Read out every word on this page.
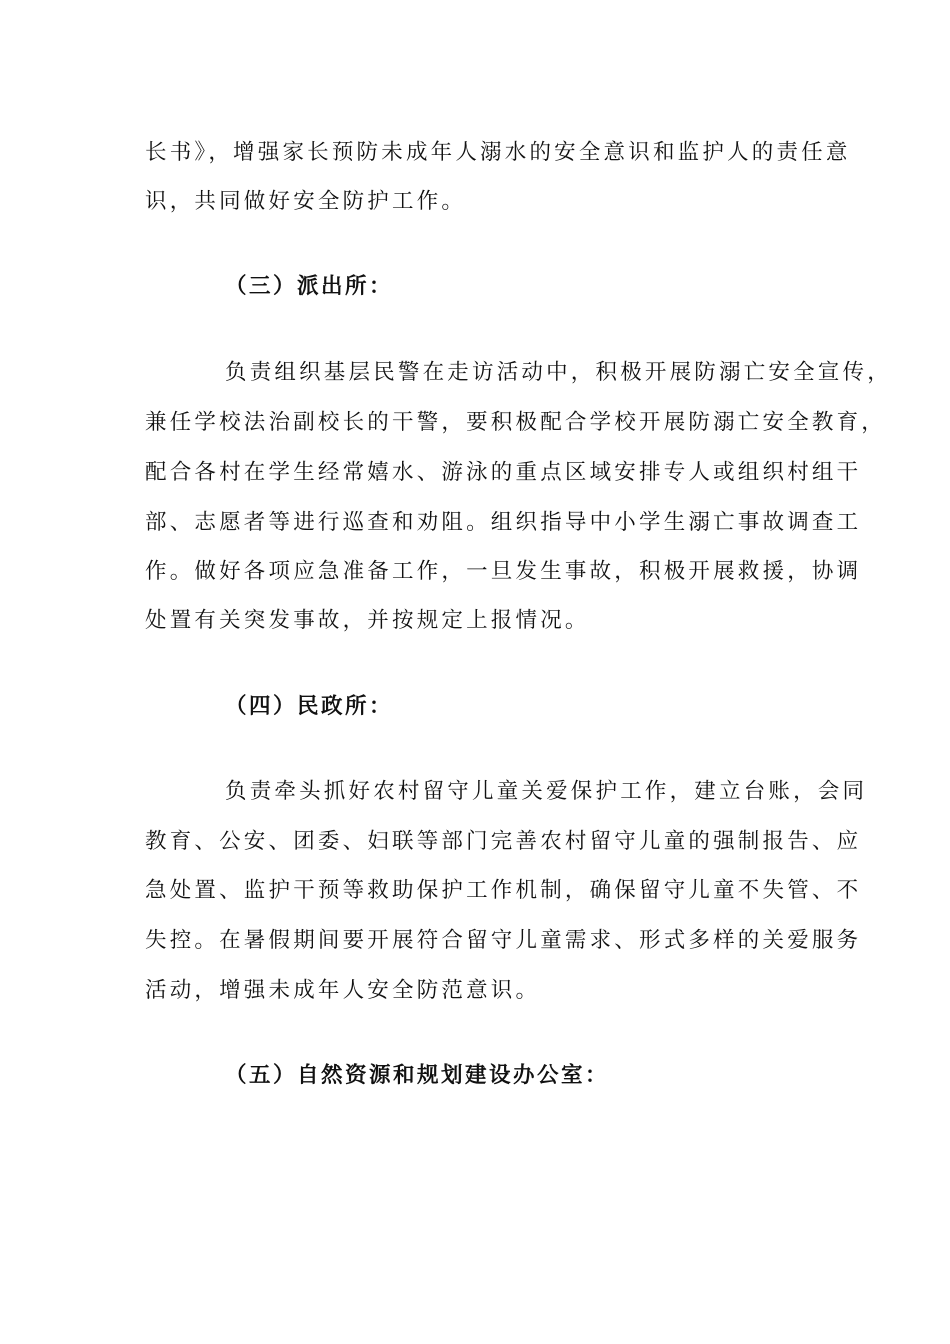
长书》，增强家长预防未成年人溺水的安全意识和监护人的责任意
识，共同做好安全防护工作。
（三）派出所：
负责组织基层民警在走访活动中，积极开展防溺亡安全宣传，
兼任学校法治副校长的干警，要积极配合学校开展防溺亡安全教育，
配合各村在学生经常嬉水、游泳的重点区域安排专人或组织村组干
部、志愿者等进行巡查和劝阻。组织指导中小学生溺亡事故调查工
作。做好各项应急准备工作，一旦发生事故，积极开展救援，协调
处置有关突发事故，并按规定上报情况。
（四）民政所：
负责牵头抓好农村留守儿童关爱保护工作，建立台账，会同
教育、公安、团委、妇联等部门完善农村留守儿童的强制报告、应
急处置、监护干预等救助保护工作机制，确保留守儿童不失管、不
失控。在暑假期间要开展符合留守儿童需求、形式多样的关爱服务
活动，增强未成年人安全防范意识。
（五）自然资源和规划建设办公室：
